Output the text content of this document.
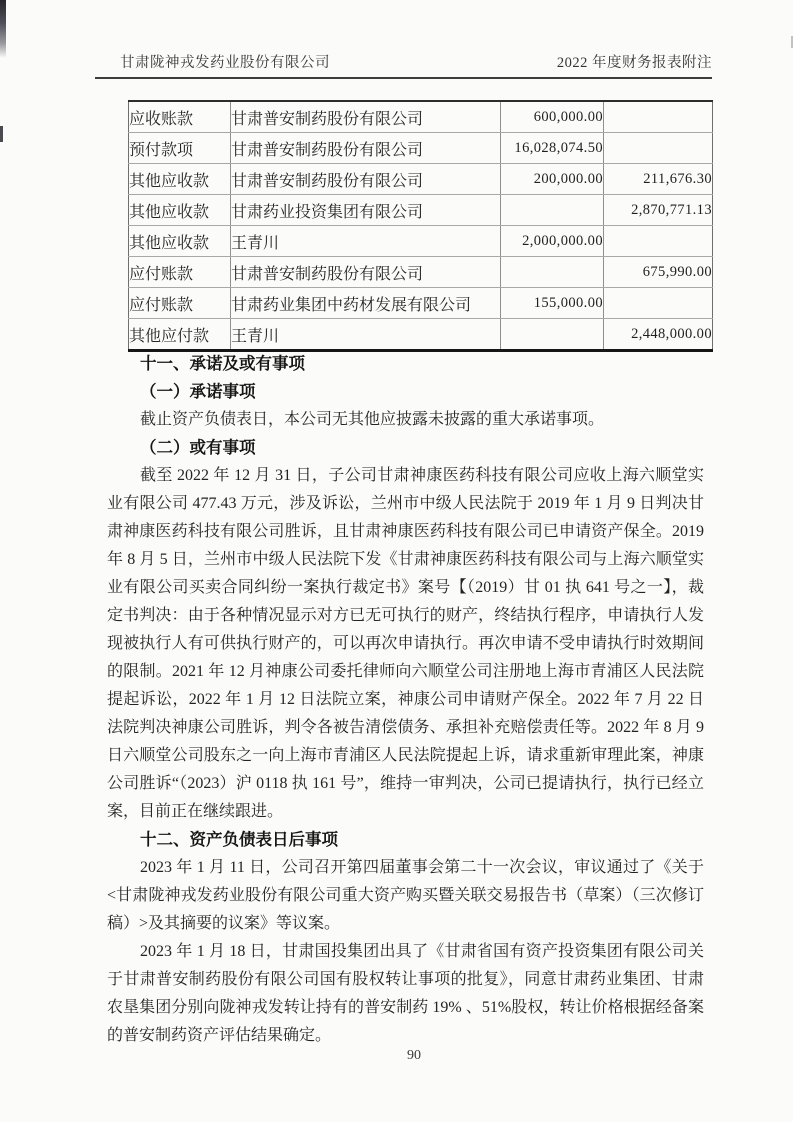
甘肃陇神戎发药业股份有限公司	2022 年度财务报表附注
应收账款	甘肃普安制药股份有限公司	600,000.00	
预付款项	甘肃普安制药股份有限公司	16,028,074.50	
其他应收款	甘肃普安制药股份有限公司	200,000.00	211,676.30
其他应收款	甘肃药业投资集团有限公司		2,870,771.13
其他应收款	王青川	2,000,000.00	
应付账款	甘肃普安制药股份有限公司		675,990.00
应付账款	甘肃药业集团中药材发展有限公司	155,000.00	
其他应付款	王青川		2,448,000.00
十一、承诺及或有事项
（一）承诺事项

截止资产负债表日，本公司无其他应披露未披露的重大承诺事项。

（二）或有事项

截至 2022 年 12 月 31 日，子公司甘肃神康医药科技有限公司应收上海六顺堂实业有限公司 477.43 万元，涉及诉讼，兰州市中级人民法院于 2019 年 1 月 9 日判决甘肃神康医药科技有限公司胜诉，且甘肃神康医药科技有限公司已申请资产保全。2019 年 8 月 5 日，兰州市中级人民法院下发《甘肃神康医药科技有限公司与上海六顺堂实业有限公司买卖合同纠纷一案执行裁定书》案号【（2019）甘 01 执 641 号之一】，裁定书判决：由于各种情况显示对方已无可执行的财产，终结执行程序，申请执行人发现被执行人有可供执行财产的，可以再次申请执行。再次申请不受申请执行时效期间的限制。2021 年 12 月神康公司委托律师向六顺堂公司注册地上海市青浦区人民法院提起诉讼，2022 年 1 月 12 日法院立案，神康公司申请财产保全。2022 年 7 月 22 日法院判决神康公司胜诉，判令各被告清偿债务、承担补充赔偿责任等。2022 年 8 月 9 日六顺堂公司股东之一向上海市青浦区人民法院提起上诉，请求重新审理此案，神康公司胜诉“（2023）沪 0118 执 161 号”，维持一审判决，公司已提请执行，执行已经立案，目前正在继续跟进。

十二、资产负债表日后事项

2023 年 1 月 11 日，公司召开第四届董事会第二十一次会议，审议通过了《关于<甘肃陇神戎发药业股份有限公司重大资产购买暨关联交易报告书（草案）（三次修订稿）>及其摘要的议案》等议案。

2023 年 1 月 18 日，甘肃国投集团出具了《甘肃省国有资产投资集团有限公司关于甘肃普安制药股份有限公司国有股权转让事项的批复》，同意甘肃药业集团、甘肃农垦集团分别向陇神戎发转让持有的普安制药 19% 、51%股权，转让价格根据经备案的普安制药资产评估结果确定。

90
